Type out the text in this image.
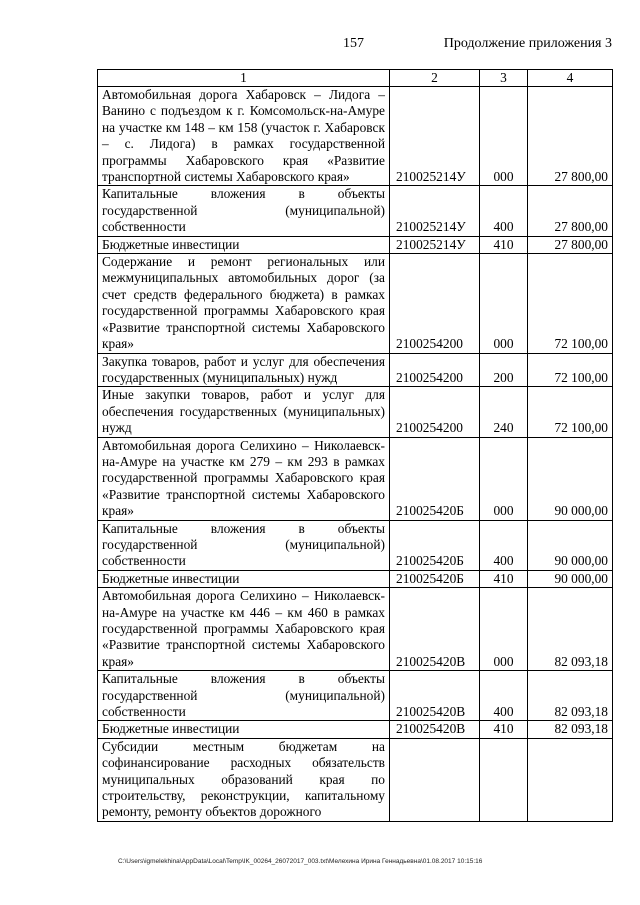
157	Продолжение приложения 3
1	2	3	4
Автомобильная дорога Хабаровск – Лидога – Ванино с подъездом к г. Комсомольск-на-Амуре на участке км 148 – км 158 (участок г. Хабаровск – с. Лидога) в рамках государственной программы Хабаровского края «Развитие транспортной системы Хабаровского края»	210025214У	000	27 800,00
Капитальные вложения в объекты государственной (муниципальной) собственности	210025214У	400	27 800,00
Бюджетные инвестиции	210025214У	410	27 800,00
Содержание и ремонт региональных или межмуниципальных автомобильных дорог (за счет средств федерального бюджета) в рамках государственной программы Хабаровского края «Развитие транспортной системы Хабаровского края»	2100254200	000	72 100,00
Закупка товаров, работ и услуг для обеспечения государственных (муниципальных) нужд	2100254200	200	72 100,00
Иные закупки товаров, работ и услуг для обеспечения государственных (муниципальных) нужд	2100254200	240	72 100,00
Автомобильная дорога Селихино – Николаевск-на-Амуре на участке км 279 – км 293 в рамках государственной программы Хабаровского края «Развитие транспортной системы Хабаровского края»	210025420Б	000	90 000,00
Капитальные вложения в объекты государственной (муниципальной) собственности	210025420Б	400	90 000,00
Бюджетные инвестиции	210025420Б	410	90 000,00
Автомобильная дорога Селихино – Николаевск-на-Амуре на участке км 446 – км 460 в рамках государственной программы Хабаровского края «Развитие транспортной системы Хабаровского края»	210025420В	000	82 093,18
Капитальные вложения в объекты государственной (муниципальной) собственности	210025420В	400	82 093,18
Бюджетные инвестиции	210025420В	410	82 093,18
Субсидии местным бюджетам на софинансирование расходных обязательств муниципальных образований края по строительству, реконструкции, капитальному ремонту, ремонту объектов дорожного			
C:\Users\igmelekhina\AppData\Local\Temp\IK_00264_26072017_003.txt\Мелехина Ирина Геннадьевна\01.08.2017 10:15:16
